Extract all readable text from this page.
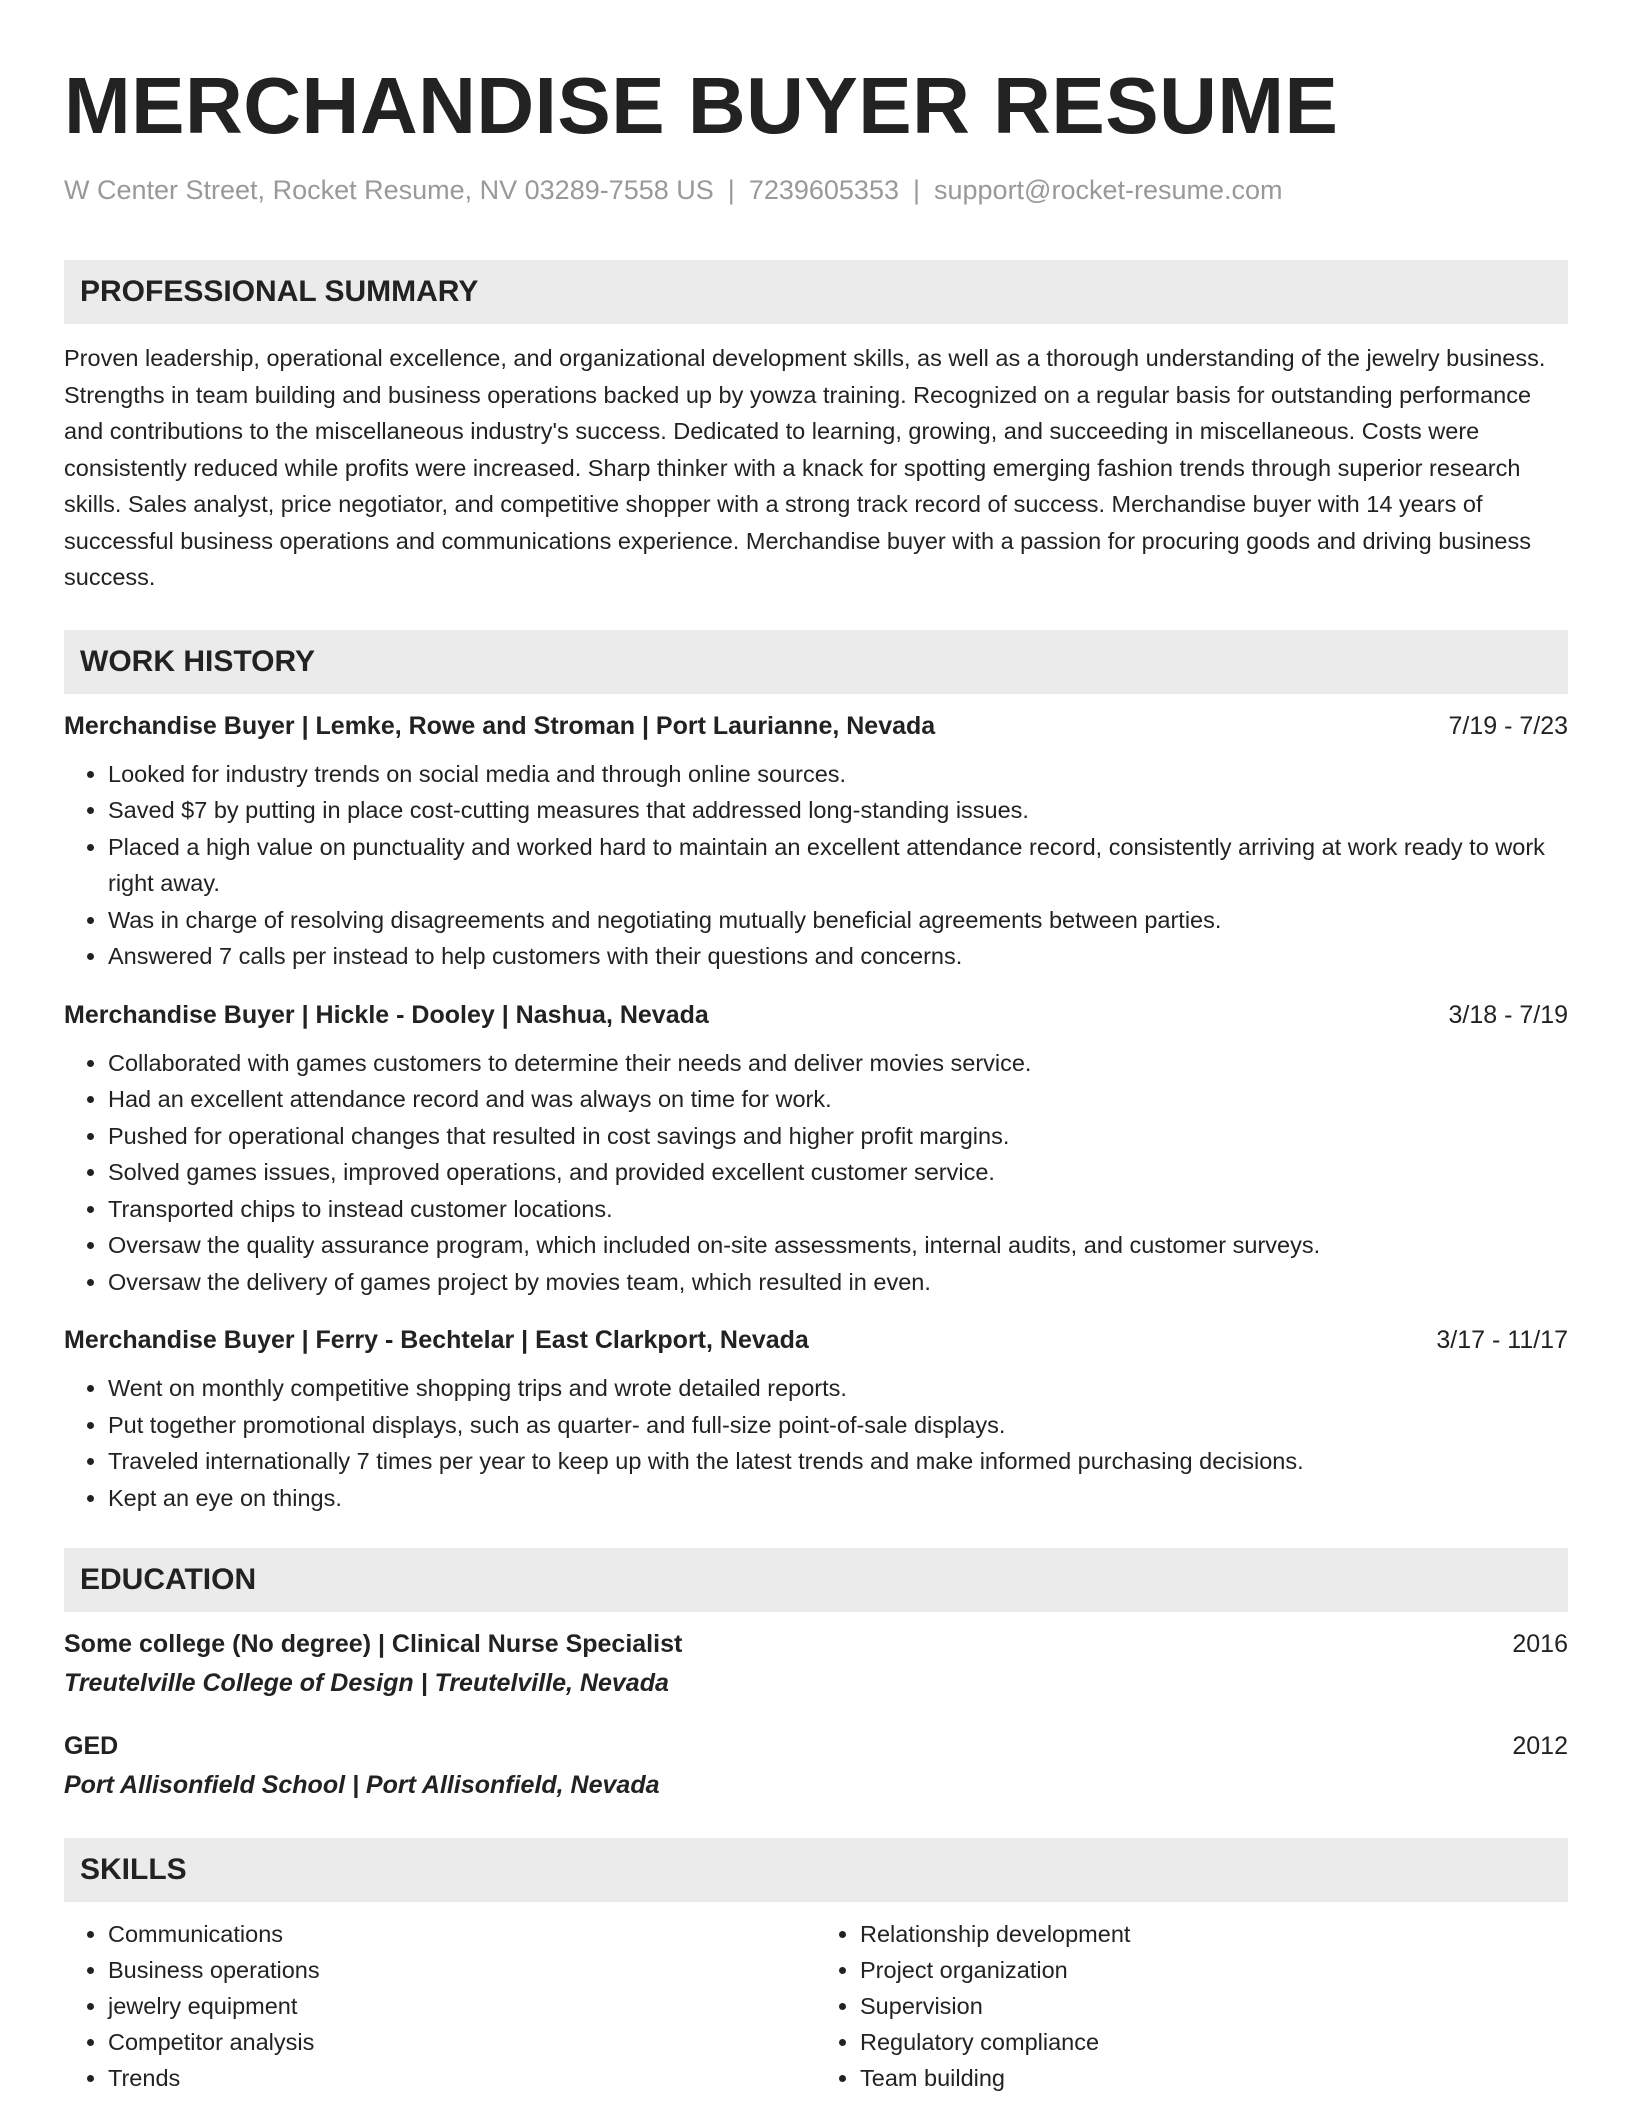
MERCHANDISE BUYER RESUME
W Center Street, Rocket Resume, NV 03289-7558 US | 7239605353 | support@rocket-resume.com
PROFESSIONAL SUMMARY
Proven leadership, operational excellence, and organizational development skills, as well as a thorough understanding of the jewelry business. Strengths in team building and business operations backed up by yowza training. Recognized on a regular basis for outstanding performance and contributions to the miscellaneous industry's success. Dedicated to learning, growing, and succeeding in miscellaneous. Costs were consistently reduced while profits were increased. Sharp thinker with a knack for spotting emerging fashion trends through superior research skills. Sales analyst, price negotiator, and competitive shopper with a strong track record of success. Merchandise buyer with 14 years of successful business operations and communications experience. Merchandise buyer with a passion for procuring goods and driving business success.
WORK HISTORY
Merchandise Buyer | Lemke, Rowe and Stroman | Port Laurianne, Nevada	7/19 - 7/23
• Looked for industry trends on social media and through online sources.
• Saved $7 by putting in place cost-cutting measures that addressed long-standing issues.
• Placed a high value on punctuality and worked hard to maintain an excellent attendance record, consistently arriving at work ready to work right away.
• Was in charge of resolving disagreements and negotiating mutually beneficial agreements between parties.
• Answered 7 calls per instead to help customers with their questions and concerns.
Merchandise Buyer | Hickle - Dooley | Nashua, Nevada	3/18 - 7/19
• Collaborated with games customers to determine their needs and deliver movies service.
• Had an excellent attendance record and was always on time for work.
• Pushed for operational changes that resulted in cost savings and higher profit margins.
• Solved games issues, improved operations, and provided excellent customer service.
• Transported chips to instead customer locations.
• Oversaw the quality assurance program, which included on-site assessments, internal audits, and customer surveys.
• Oversaw the delivery of games project by movies team, which resulted in even.
Merchandise Buyer | Ferry - Bechtelar | East Clarkport, Nevada	3/17 - 11/17
• Went on monthly competitive shopping trips and wrote detailed reports.
• Put together promotional displays, such as quarter- and full-size point-of-sale displays.
• Traveled internationally 7 times per year to keep up with the latest trends and make informed purchasing decisions.
• Kept an eye on things.
EDUCATION
Some college (No degree) | Clinical Nurse Specialist	2016
Treutelville College of Design | Treutelville, Nevada
GED	2012
Port Allisonfield School | Port Allisonfield, Nevada
SKILLS
• Communications
• Business operations
• jewelry equipment
• Competitor analysis
• Trends
• Relationship development
• Project organization
• Supervision
• Regulatory compliance
• Team building
